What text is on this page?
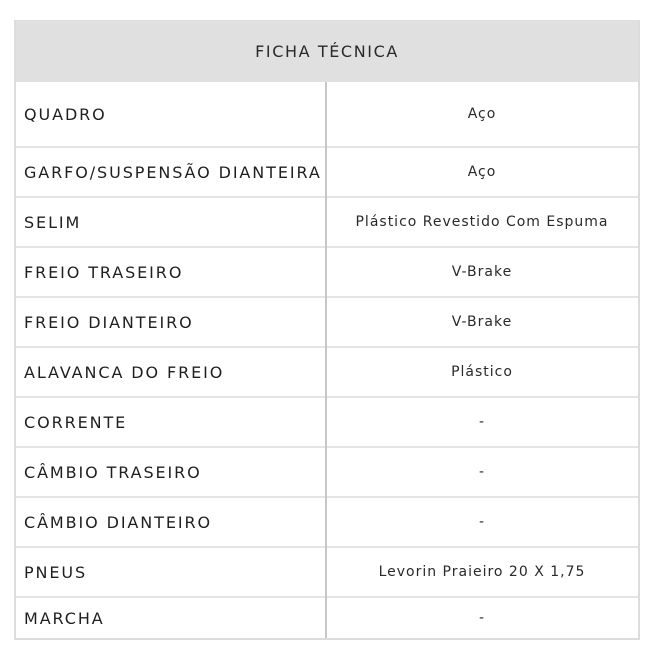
FICHA TÉCNICA
QUADRO	Aço
GARFO/SUSPENSÃO DIANTEIRA	Aço
SELIM	Plástico Revestido Com Espuma
FREIO TRASEIRO	V-Brake
FREIO DIANTEIRO	V-Brake
ALAVANCA DO FREIO	Plástico
CORRENTE	-
CÂMBIO TRASEIRO	-
CÂMBIO DIANTEIRO	-
PNEUS	Levorin Praieiro 20 X 1,75
MARCHA	-
